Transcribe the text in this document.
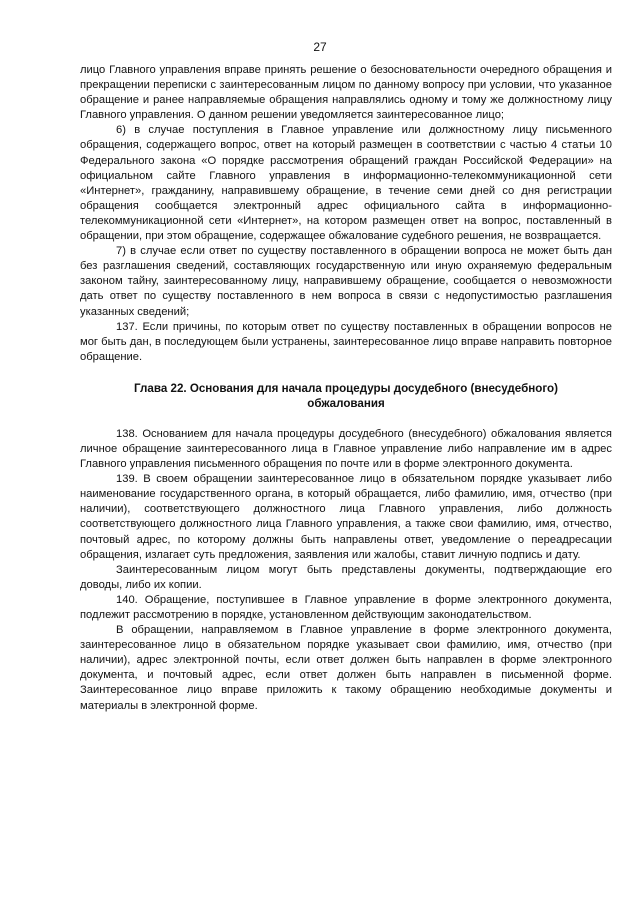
27

лицо Главного управления вправе принять решение о безосновательности очередного обращения и прекращении переписки с заинтересованным лицом по данному вопросу при условии, что указанное обращение и ранее направляемые обращения направлялись одному и тому же должностному лицу Главного управления. О данном решении уведомляется заинтересованное лицо;

6) в случае поступления в Главное управление или должностному лицу письменного обращения, содержащего вопрос, ответ на который размещен в соответствии с частью 4 статьи 10 Федерального закона «О порядке рассмотрения обращений граждан Российской Федерации» на официальном сайте Главного управления в информационно-телекоммуникационной сети «Интернет», гражданину, направившему обращение, в течение семи дней со дня регистрации обращения сообщается электронный адрес официального сайта в информационно-телекоммуникационной сети «Интернет», на котором размещен ответ на вопрос, поставленный в обращении, при этом обращение, содержащее обжалование судебного решения, не возвращается.

7) в случае если ответ по существу поставленного в обращении вопроса не может быть дан без разглашения сведений, составляющих государственную или иную охраняемую федеральным законом тайну, заинтересованному лицу, направившему обращение, сообщается о невозможности дать ответ по существу поставленного в нем вопроса в связи с недопустимостью разглашения указанных сведений;

137. Если причины, по которым ответ по существу поставленных в обращении вопросов не мог быть дан, в последующем были устранены, заинтересованное лицо вправе направить повторное обращение.

Глава 22. Основания для начала процедуры досудебного (внесудебного) обжалования

138. Основанием для начала процедуры досудебного (внесудебного) обжалования является личное обращение заинтересованного лица в Главное управление либо направление им в адрес Главного управления письменного обращения по почте или в форме электронного документа.

139. В своем обращении заинтересованное лицо в обязательном порядке указывает либо наименование государственного органа, в который обращается, либо фамилию, имя, отчество (при наличии), соответствующего должностного лица Главного управления, либо должность соответствующего должностного лица Главного управления, а также свои фамилию, имя, отчество, почтовый адрес, по которому должны быть направлены ответ, уведомление о переадресации обращения, излагает суть предложения, заявления или жалобы, ставит личную подпись и дату.

Заинтересованным лицом могут быть представлены документы, подтверждающие его доводы, либо их копии.

140. Обращение, поступившее в Главное управление в форме электронного документа, подлежит рассмотрению в порядке, установленном действующим законодательством.

В обращении, направляемом в Главное управление в форме электронного документа, заинтересованное лицо в обязательном порядке указывает свои фамилию, имя, отчество (при наличии), адрес электронной почты, если ответ должен быть направлен в форме электронного документа, и почтовый адрес, если ответ должен быть направлен в письменной форме. Заинтересованное лицо вправе приложить к такому обращению необходимые документы и материалы в электронной форме.
